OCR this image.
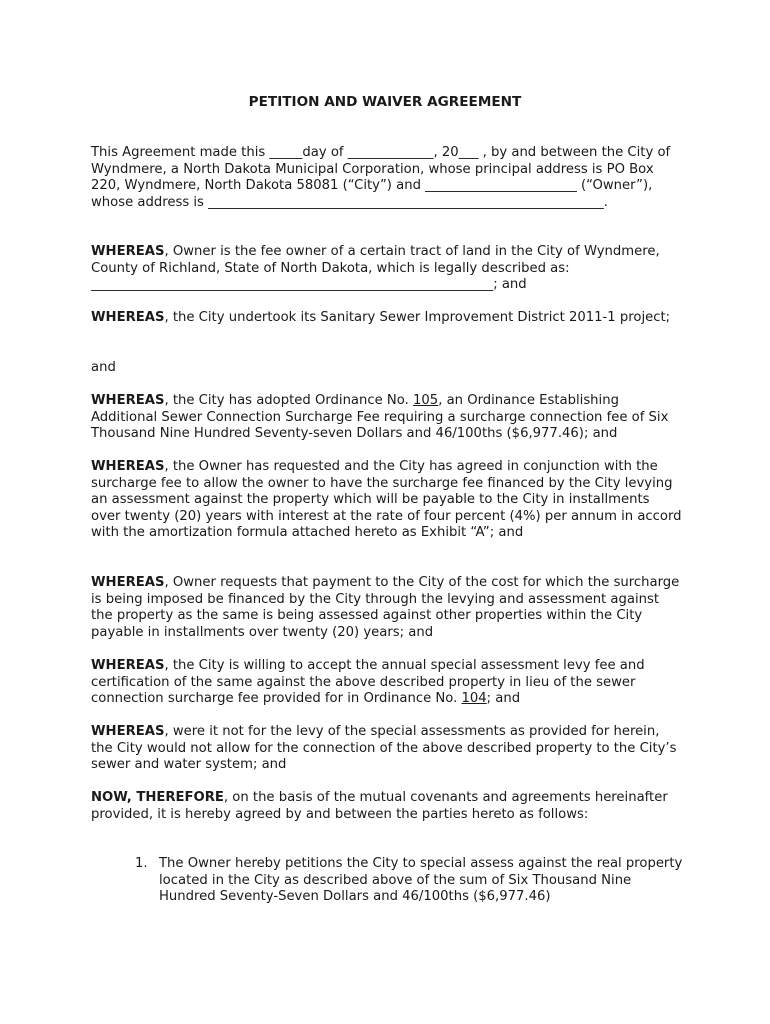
PETITION AND WAIVER AGREEMENT

This Agreement made this _____day of _____________, 20___ , by and between the City of Wyndmere, a North Dakota Municipal Corporation, whose principal address is PO Box 220, Wyndmere, North Dakota 58081 (“City”) and _______________________ (“Owner”), whose address is ____________________________________________________________.

WHEREAS, Owner is the fee owner of a certain tract of land in the City of Wyndmere, County of Richland, State of North Dakota, which is legally described as: _____________________________________________________________; and

WHEREAS, the City undertook its Sanitary Sewer Improvement District 2011-1 project;

and

WHEREAS, the City has adopted Ordinance No. 105, an Ordinance Establishing Additional Sewer Connection Surcharge Fee requiring a surcharge connection fee of Six Thousand Nine Hundred Seventy-seven Dollars and 46/100ths ($6,977.46); and

WHEREAS, the Owner has requested and the City has agreed in conjunction with the surcharge fee to allow the owner to have the surcharge fee financed by the City levying an assessment against the property which will be payable to the City in installments over twenty (20) years with interest at the rate of four percent (4%) per annum in accord with the amortization formula attached hereto as Exhibit “A”; and

WHEREAS, Owner requests that payment to the City of the cost for which the surcharge is being imposed be financed by the City through the levying and assessment against the property as the same is being assessed against other properties within the City payable in installments over twenty (20) years; and

WHEREAS, the City is willing to accept the annual special assessment levy fee and certification of the same against the above described property in lieu of the sewer connection surcharge fee provided for in Ordinance No. 104; and

WHEREAS, were it not for the levy of the special assessments as provided for herein, the City would not allow for the connection of the above described property to the City’s sewer and water system; and

NOW, THEREFORE, on the basis of the mutual covenants and agreements hereinafter provided, it is hereby agreed by and between the parties hereto as follows:

1. The Owner hereby petitions the City to special assess against the real property located in the City as described above of the sum of Six Thousand Nine Hundred Seventy-Seven Dollars and 46/100ths ($6,977.46)
